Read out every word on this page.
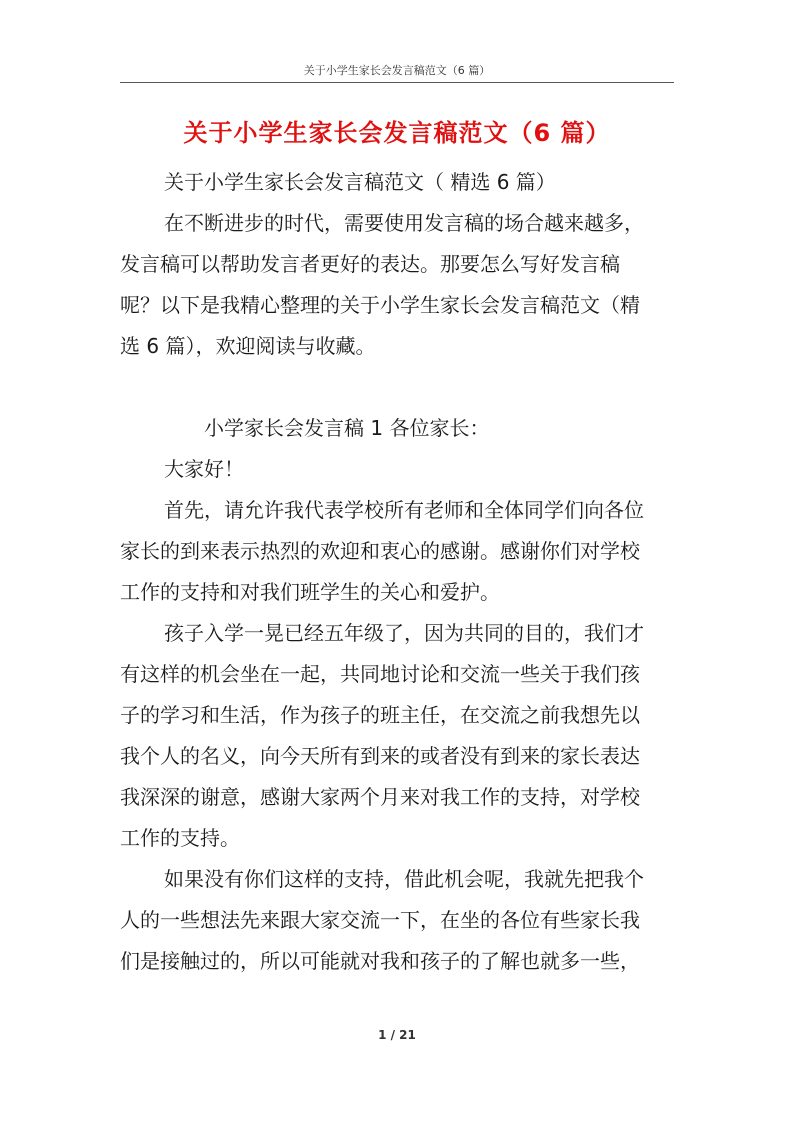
关于小学生家长会发言稿范文（6 篇）
关于小学生家长会发言稿范文（6 篇）
关于小学生家长会发言稿范文（ 精选 6 篇）
在不断进步的时代，需要使用发言稿的场合越来越多，
发言稿可以帮助发言者更好的表达。那要怎么写好发言稿
呢？以下是我精心整理的关于小学生家长会发言稿范文（精
选 6 篇），欢迎阅读与收藏。
小学家长会发言稿 1 各位家长：
大家好！
首先，请允许我代表学校所有老师和全体同学们向各位
家长的到来表示热烈的欢迎和衷心的感谢。感谢你们对学校
工作的支持和对我们班学生的关心和爱护。
孩子入学一晃已经五年级了，因为共同的目的，我们才
有这样的机会坐在一起，共同地讨论和交流一些关于我们孩
子的学习和生活，作为孩子的班主任，在交流之前我想先以
我个人的名义，向今天所有到来的或者没有到来的家长表达
我深深的谢意，感谢大家两个月来对我工作的支持，对学校
工作的支持。
如果没有你们这样的支持，借此机会呢，我就先把我个
人的一些想法先来跟大家交流一下，在坐的各位有些家长我
们是接触过的，所以可能就对我和孩子的了解也就多一些，
1 / 21
